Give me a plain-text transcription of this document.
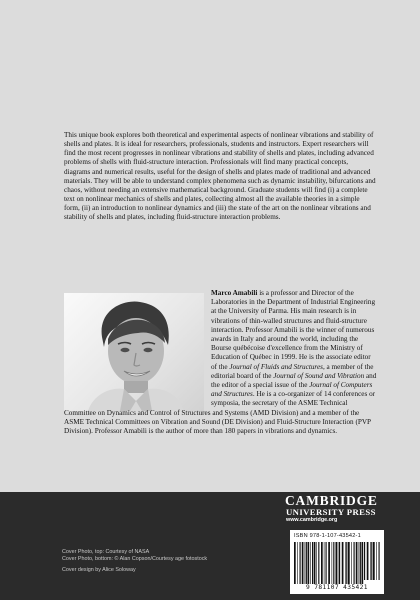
This unique book explores both theoretical and experimental aspects of nonlinear vibrations and stability of shells and plates. It is ideal for researchers, professionals, students and instructors. Expert researchers will find the most recent progresses in nonlinear vibrations and stability of shells and plates, including advanced problems of shells with fluid-structure interaction. Professionals will find many practical concepts, diagrams and numerical results, useful for the design of shells and plates made of traditional and advanced materials. They will be able to understand complex phenomena such as dynamic instability, bifurcations and chaos, without needing an extensive mathematical background. Graduate students will find (i) a complete text on nonlinear mechanics of shells and plates, collecting almost all the available theories in a simple form, (ii) an introduction to nonlinear dynamics and (iii) the state of the art on the nonlinear vibrations and stability of shells and plates, including fluid-structure interaction problems.

Marco Amabili is a professor and Director of the Laboratories in the Department of Industrial Engineering at the University of Parma. His main research is in vibrations of thin-walled structures and fluid-structure interaction. Professor Amabili is the winner of numerous awards in Italy and around the world, including the Bourse québécoise d'excellence from the Ministry of Education of Québec in 1999. He is the associate editor of the Journal of Fluids and Structures, a member of the editorial board of the Journal of Sound and Vibration and the editor of a special issue of the Journal of Computers and Structures. He is a co-organizer of 14 conferences or symposia, the secretary of the ASME Technical Committee on Dynamics and Control of Structures and Systems (AMD Division) and a member of the ASME Technical Committees on Vibration and Sound (DE Division) and Fluid-Structure Interaction (PVP Division). Professor Amabili is the author of more than 180 papers in vibrations and dynamics.

Cover Photo, top: Courtesy of NASA
Cover Photo, bottom: © Alan Copson/Courtesy age fotostock
Cover design by Alice Soloway
CAMBRIDGE
UNIVERSITY PRESS
www.cambridge.org
ISBN 978-1-107-43542-1
9 781107 435421
